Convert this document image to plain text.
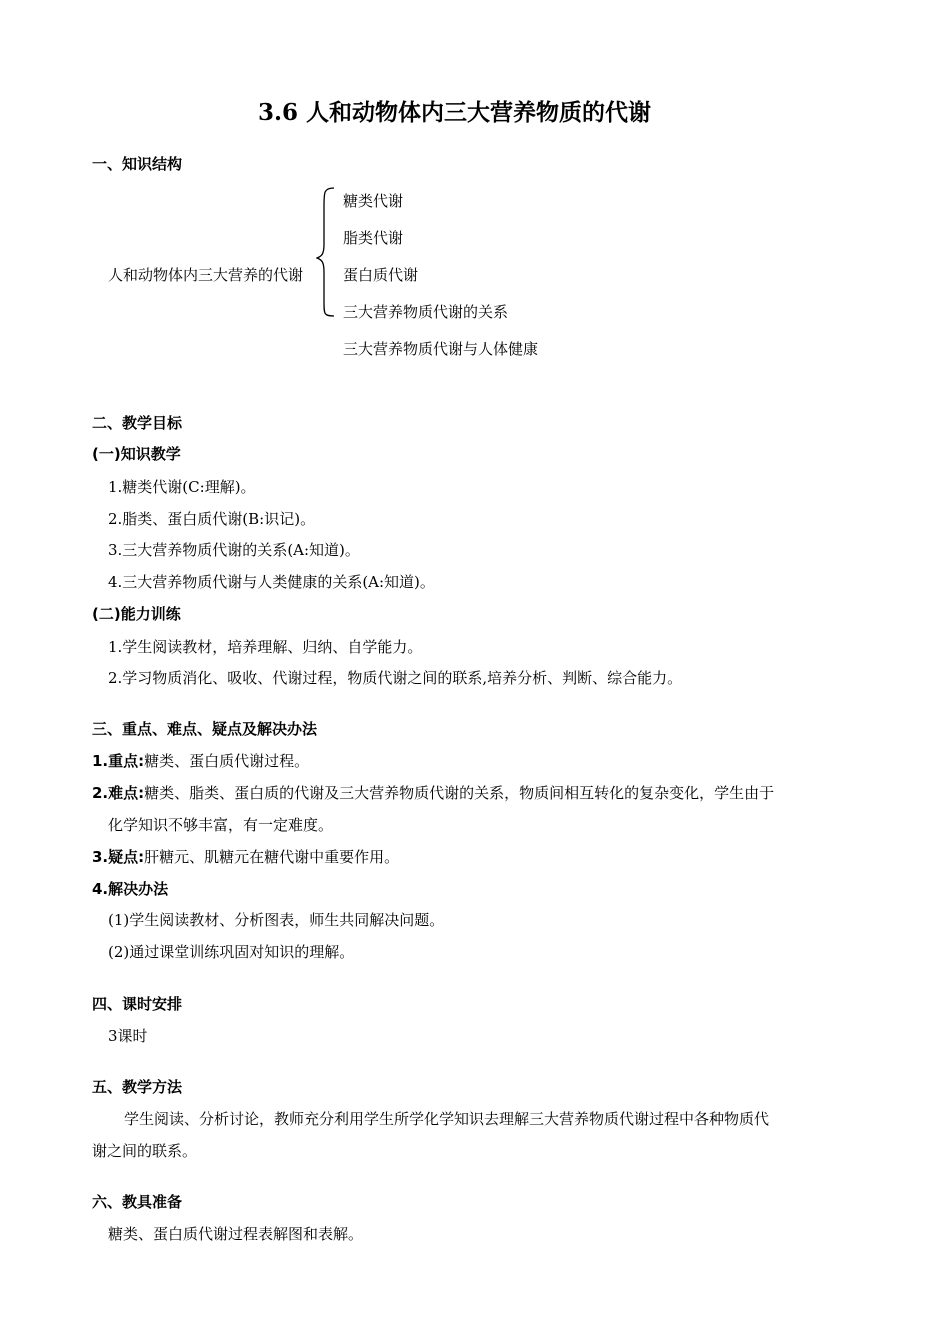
3.6 人和动物体内三大营养物质的代谢
一、知识结构
人和动物体内三大营养的代谢
糖类代谢
脂类代谢
蛋白质代谢
三大营养物质代谢的关系
三大营养物质代谢与人体健康
二、教学目标
(一)知识教学
1.糖类代谢(C:理解)。
2.脂类、蛋白质代谢(B:识记)。
3.三大营养物质代谢的关系(A:知道)。
4.三大营养物质代谢与人类健康的关系(A:知道)。
(二)能力训练
1.学生阅读教材，培养理解、归纳、自学能力。
2.学习物质消化、吸收、代谢过程，物质代谢之间的联系,培养分析、判断、综合能力。
三、重点、难点、疑点及解决办法
1.重点:糖类、蛋白质代谢过程。
2.难点:糖类、脂类、蛋白质的代谢及三大营养物质代谢的关系，物质间相互转化的复杂变化，学生由于
化学知识不够丰富，有一定难度。
3.疑点:肝糖元、肌糖元在糖代谢中重要作用。
4.解决办法
(1)学生阅读教材、分析图表，师生共同解决问题。
(2)通过课堂训练巩固对知识的理解。
四、课时安排
3课时
五、教学方法
学生阅读、分析讨论，教师充分利用学生所学化学知识去理解三大营养物质代谢过程中各种物质代
谢之间的联系。
六、教具准备
糖类、蛋白质代谢过程表解图和表解。
